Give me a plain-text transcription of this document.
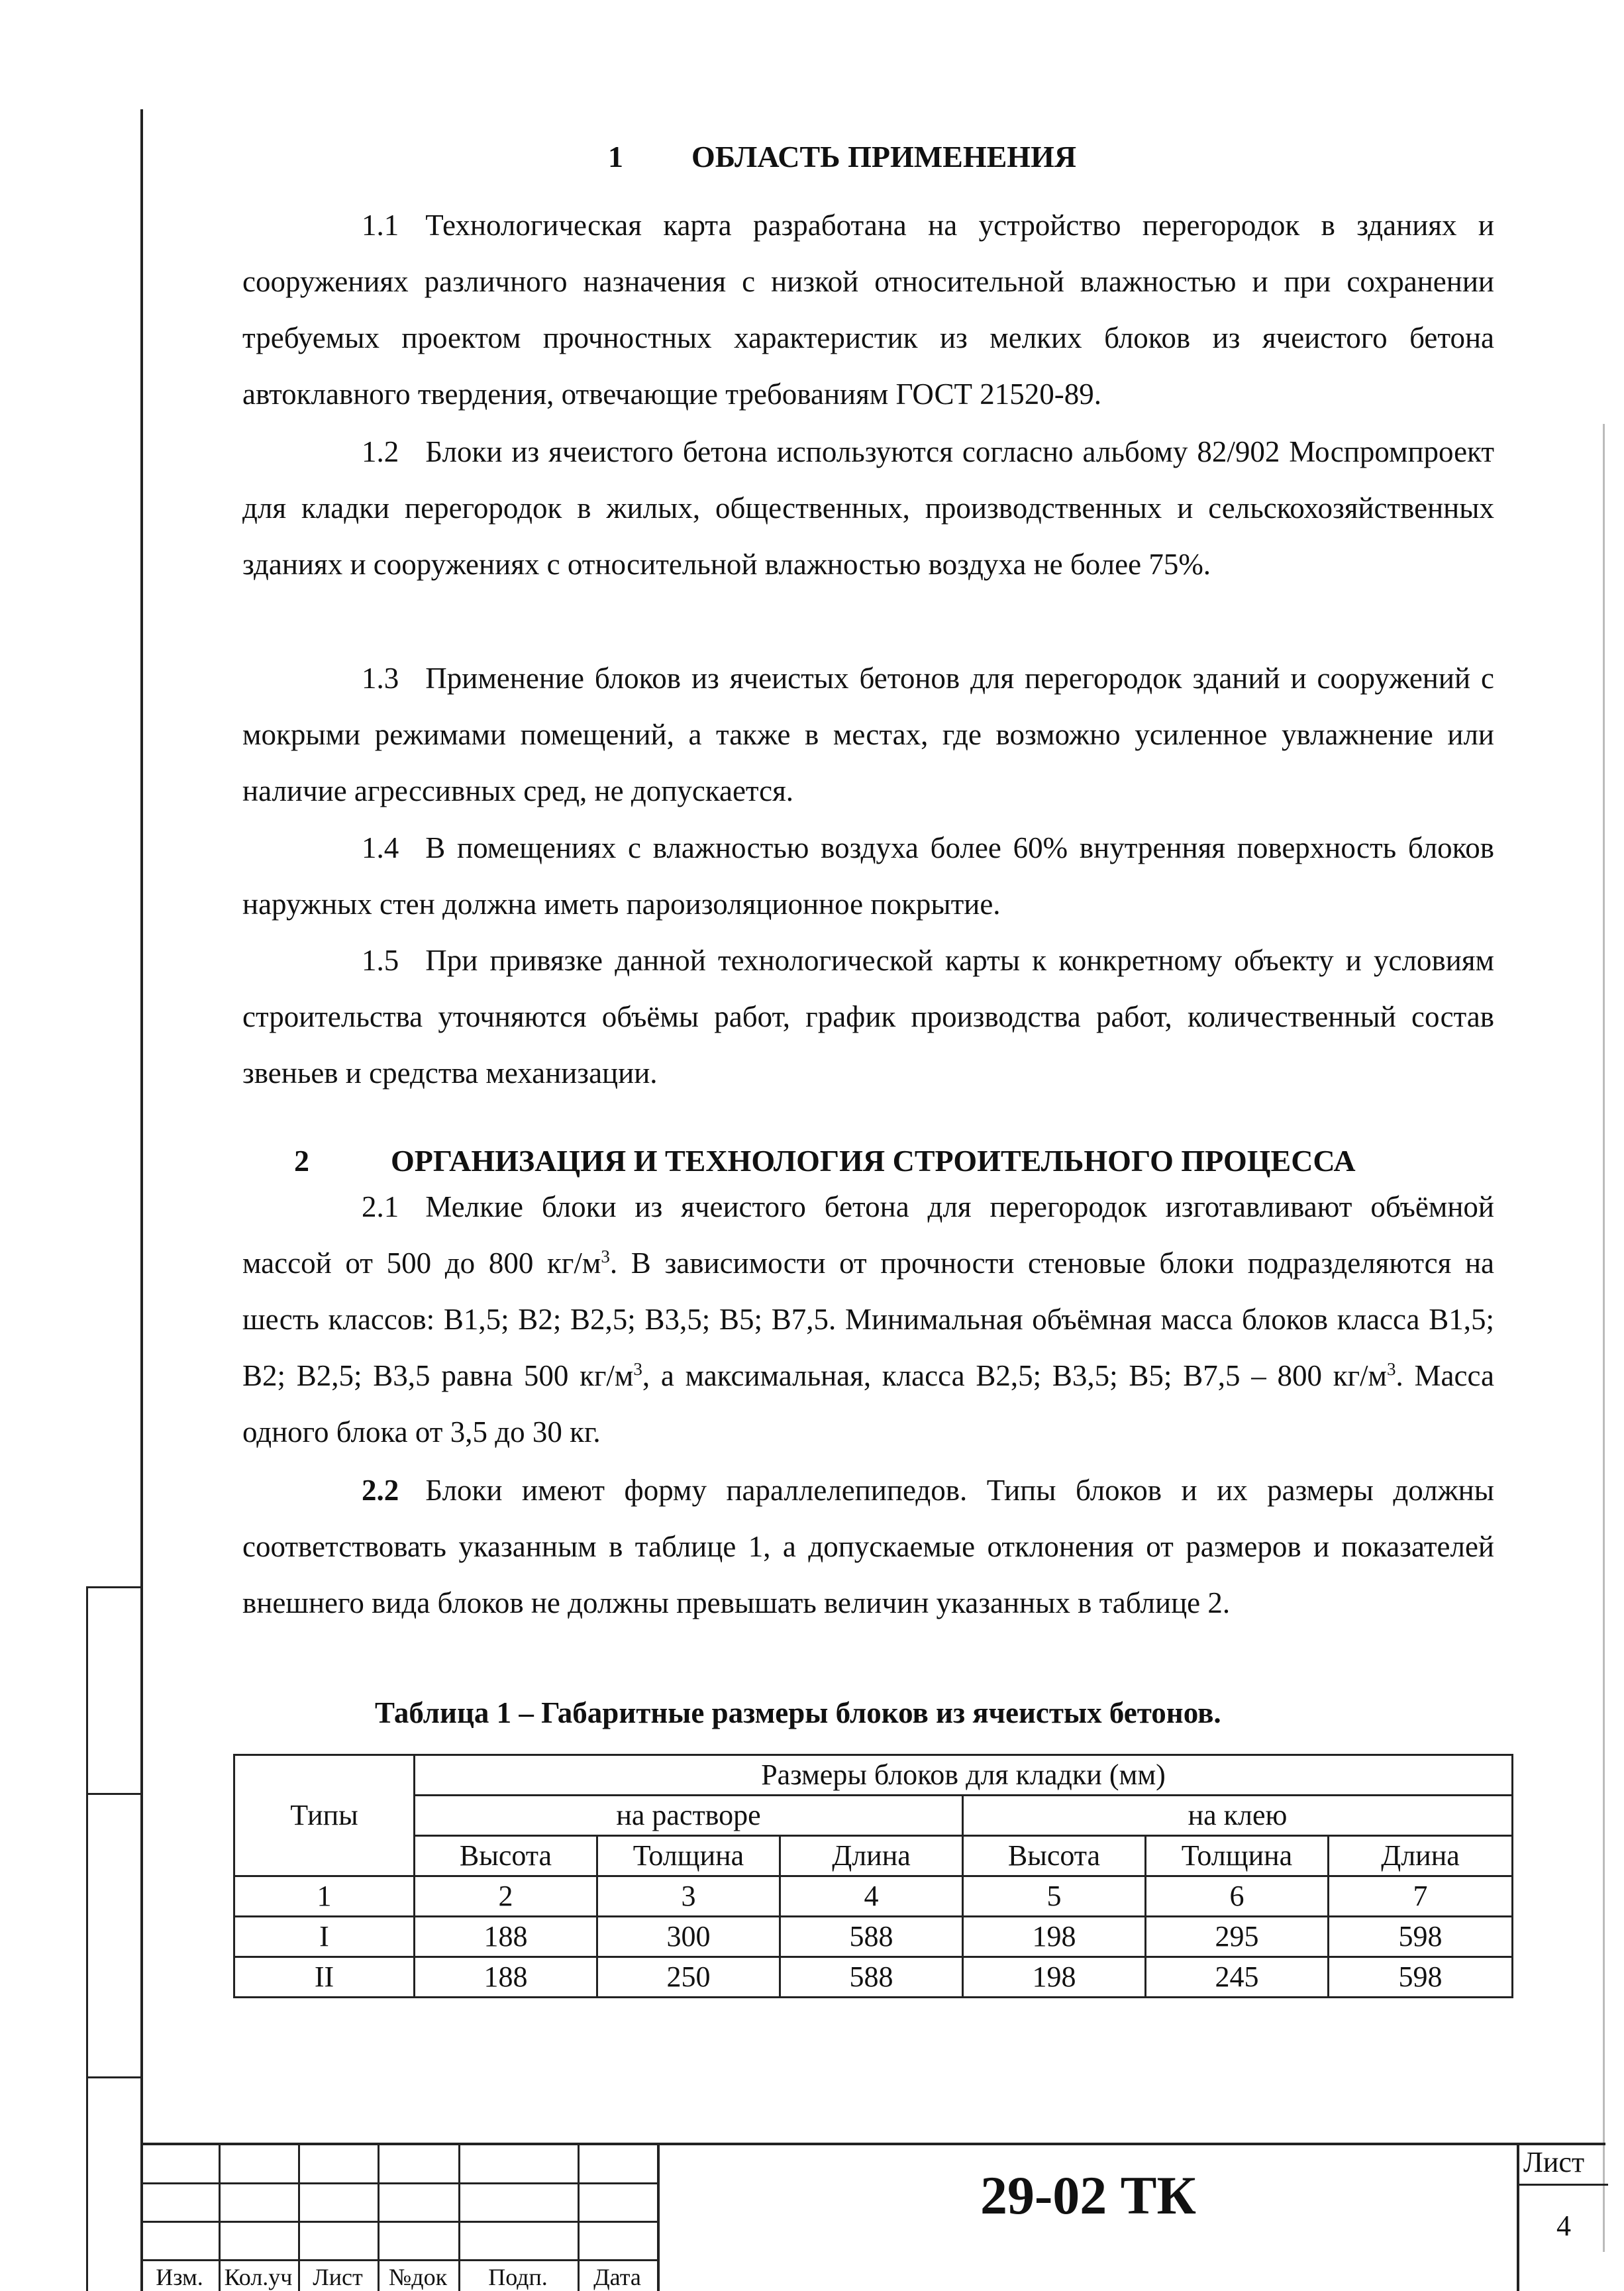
1 ОБЛАСТЬ ПРИМЕНЕНИЯ
1.1 Технологическая карта разработана на устройство перегородок в зданиях и сооружениях различного назначения с низкой относительной влажностью и при сохранении требуемых проектом прочностных характеристик из мелких блоков из ячеистого бетона автоклавного твердения, отвечающие требованиям ГОСТ 21520-89.
1.2 Блоки из ячеистого бетона используются согласно альбому 82/902 Моспромпроект для кладки перегородок в жилых, общественных, производственных и сельскохозяйственных зданиях и сооружениях с относительной влажностью воздуха не более 75%.
1.3 Применение блоков из ячеистых бетонов для перегородок зданий и сооружений с мокрыми режимами помещений, а также в местах, где возможно усиленное увлажнение или наличие агрессивных сред, не допускается.
1.4 В помещениях с влажностью воздуха более 60% внутренняя поверхность блоков наружных стен должна иметь пароизоляционное покрытие.
1.5 При привязке данной технологической карты к конкретному объекту и условиям строительства уточняются объёмы работ, график производства работ, количественный состав звеньев и средства механизации.
2	ОРГАНИЗАЦИЯ И ТЕХНОЛОГИЯ СТРОИТЕЛЬНОГО ПРОЦЕССА
2.1 Мелкие блоки из ячеистого бетона для перегородок изготавливают объёмной массой от 500 до 800 $кг/м^3$. В зависимости от прочности стеновые блоки подразделяются на шесть классов: В1,5; В2; В2,5; В3,5; В5; В7,5. Минимальная объёмная масса блоков класса В1,5; В2; В2,5; В3,5 равна 500 $кг/м^3$, а максимальная, класса В2,5; В3,5; В5; В7,5 – 800 $кг/м^3$. Масса одного блока от 3,5 до 30 кг.
2.2 Блоки имеют форму параллелепипедов. Типы блоков и их размеры должны соответствовать указанным в таблице 1, а допускаемые отклонения от размеров и показателей внешнего вида блоков не должны превышать величин указанных в таблице 2.
Таблица 1 – Габаритные размеры блоков из ячеистых бетонов.
Типы	Размеры блоков для кладки (мм)					
	на растворе			на клею		
	Высота	Толщина	Длина	Высота	Толщина	Длина
1	2	3	4	5	6	7
I	188	300	588	198	295	598
II	188	250	588	198	245	598
Изм. Кол.уч Лист	№док	Подп.	Дата
29-02 ТК
Лист
4
